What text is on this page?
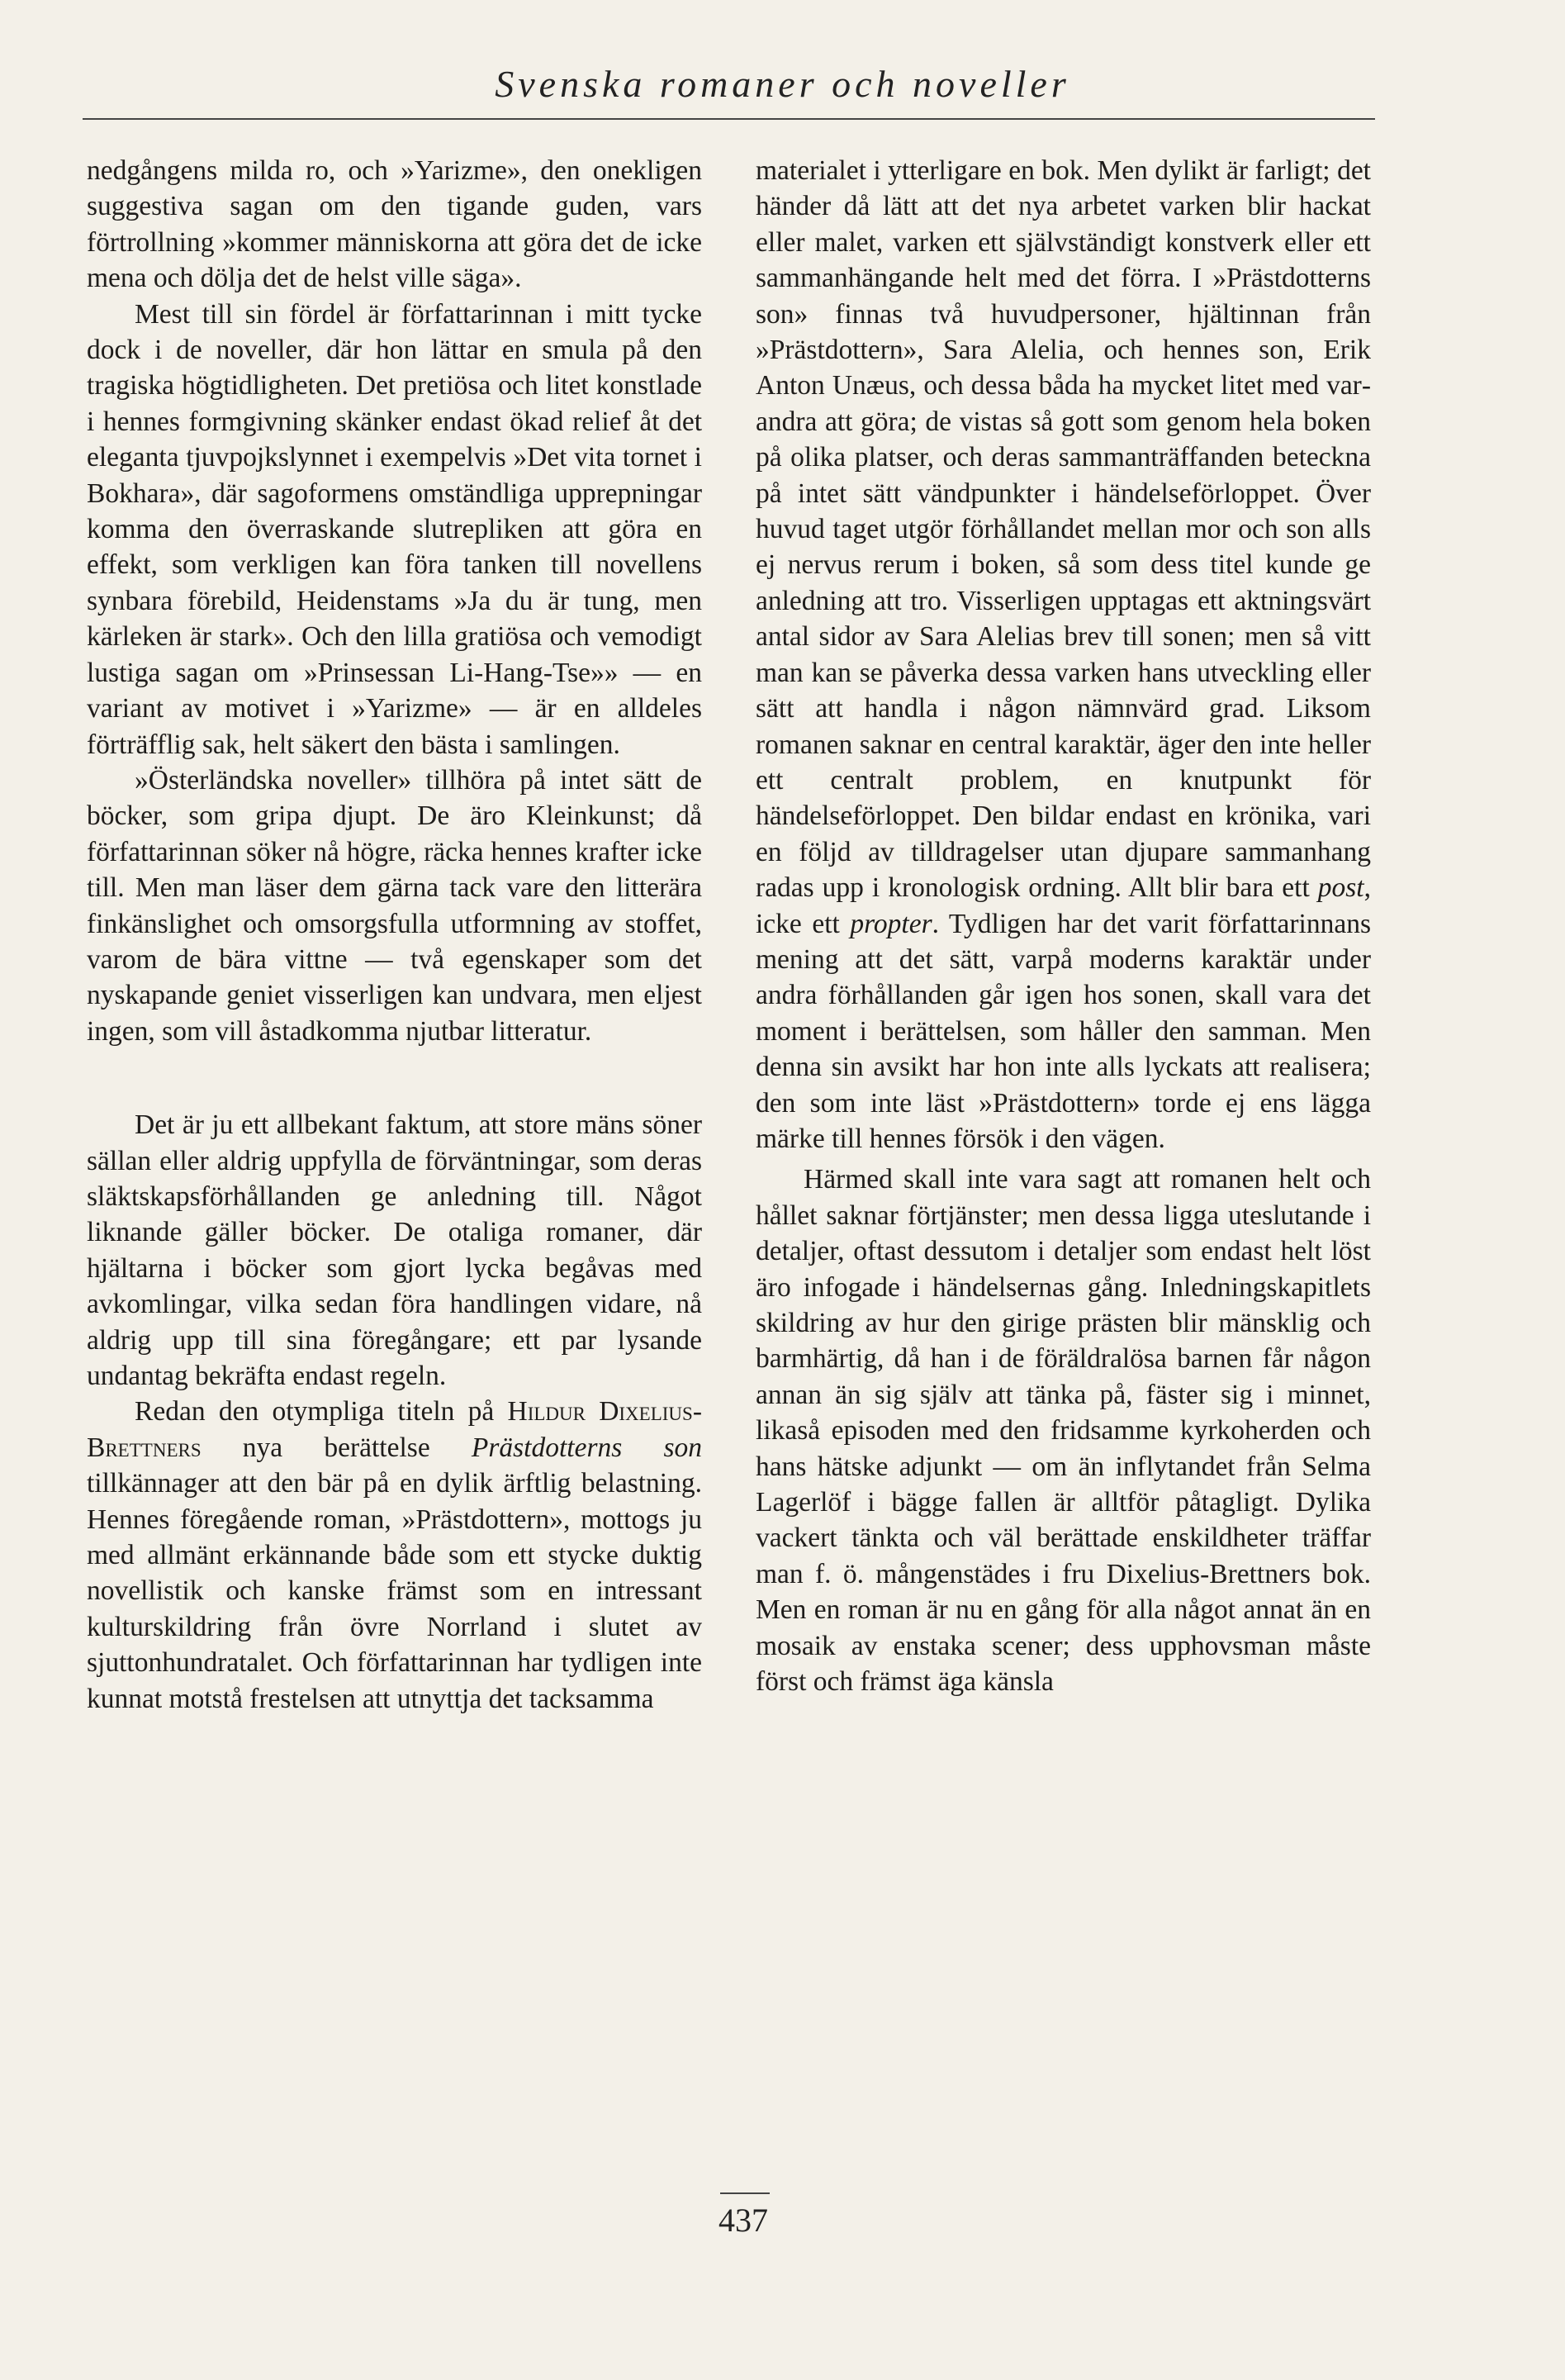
Svenska romaner och noveller

nedgångens milda ro, och »Yarizme», den onekligen suggestiva sagan om den tigande guden, vars förtrollning »kommer människorna att göra det de icke mena och dölja det de helst ville säga».

Mest till sin fördel är författarinnan i mitt tycke dock i de noveller, där hon lättar en smula på den tragiska högtidligheten. Det pretiösa och litet konstlade i hennes formgivning skänker endast ökad relief åt det eleganta tjuvpojkslynnet i exempelvis »Det vita tornet i Bokhara», där sagoformens omständliga upprepningar komma den överraskande slutrepliken att göra en effekt, som verkligen kan föra tanken till novellens synbara förebild, Heidenstams »Ja du är tung, men kärleken är stark». Och den lilla gratiösa och vemodigt lustiga sagan om »Prinsessan Li-Hang-Tse»» — en variant av motivet i »Yarizme» — är en alldeles förträfflig sak, helt säkert den bästa i samlingen.

»Österländska noveller» tillhöra på intet sätt de böcker, som gripa djupt. De äro Kleinkunst; då författarinnan söker nå högre, räcka hennes krafter icke till. Men man läser dem gärna tack vare den litterära finkänslighet och omsorgsfulla utformning av stoffet, varom de bära vittne — två egenskaper som det nyskapande geniet visserligen kan undvara, men eljest ingen, som vill åstadkomma njutbar litteratur.

Det är ju ett allbekant faktum, att store mäns söner sällan eller aldrig uppfylla de förväntningar, som deras släktskapsförhållanden ge anledning till. Något liknande gäller böcker. De otaliga romaner, där hjältarna i böcker som gjort lycka begåvas med avkomlingar, vilka sedan föra handlingen vidare, nå aldrig upp till sina föregångare; ett par lysande undantag bekräfta endast regeln.

Redan den otympliga titeln på Hildur Dixelius-Brettners nya berättelse Prästdotterns son tillkännager att den bär på en dylik ärftlig belastning. Hennes föregående roman, »Prästdottern», mottogs ju med allmänt erkännande både som ett stycke duktig novellistik och kanske främst som en intressant kulturskildring från övre Norrland i slutet av sjuttonhundratalet. Och författarinnan har tydligen inte kunnat motstå frestelsen att utnyttja det tacksamma

materialet i ytterligare en bok. Men dylikt är farligt; det händer då lätt att det nya arbetet varken blir hackat eller malet, varken ett självständigt konstverk eller ett sammanhängande helt med det förra. I »Prästdotterns son» finnas två huvudpersoner, hjältinnan från »Prästdottern», Sara Alelia, och hennes son, Erik Anton Unæus, och dessa båda ha mycket litet med varandra att göra; de vistas så gott som genom hela boken på olika platser, och deras sammanträffanden beteckna på intet sätt vändpunkter i händelseförloppet. Över huvud taget utgör förhållandet mellan mor och son alls ej nervus rerum i boken, så som dess titel kunde ge anledning att tro. Visserligen upptagas ett aktningsvärt antal sidor av Sara Alelias brev till sonen; men så vitt man kan se påverka dessa varken hans utveckling eller sätt att handla i någon nämnvärd grad. Liksom romanen saknar en central karaktär, äger den inte heller ett centralt problem, en knutpunkt för händelseförloppet. Den bildar endast en krönika, vari en följd av tilldragelser utan djupare sammanhang radas upp i kronologisk ordning. Allt blir bara ett post, icke ett propter. Tydligen har det varit författarinnans mening att det sätt, varpå moderns karaktär under andra förhållanden går igen hos sonen, skall vara det moment i berättelsen, som håller den samman. Men denna sin avsikt har hon inte alls lyckats att realisera; den som inte läst »Prästdottern» torde ej ens lägga märke till hennes försök i den vägen.

Härmed skall inte vara sagt att romanen helt och hållet saknar förtjänster; men dessa ligga uteslutande i detaljer, oftast dessutom i detaljer som endast helt löst äro infogade i händelsernas gång. Inledningskapitlets skildring av hur den girige prästen blir mänsklig och barmhärtig, då han i de föräldralösa barnen får någon annan än sig själv att tänka på, fäster sig i minnet, likaså episoden med den fridsamme kyrkoherden och hans hätske adjunkt — om än inflytandet från Selma Lagerlöf i bägge fallen är alltför påtagligt. Dylika vackert tänkta och väl berättade enskildheter träffar man f. ö. mångenstädes i fru Dixelius-Brettners bok. Men en roman är nu en gång för alla något annat än en mosaik av enstaka scener; dess upphovsman måste först och främst äga känsla

437
